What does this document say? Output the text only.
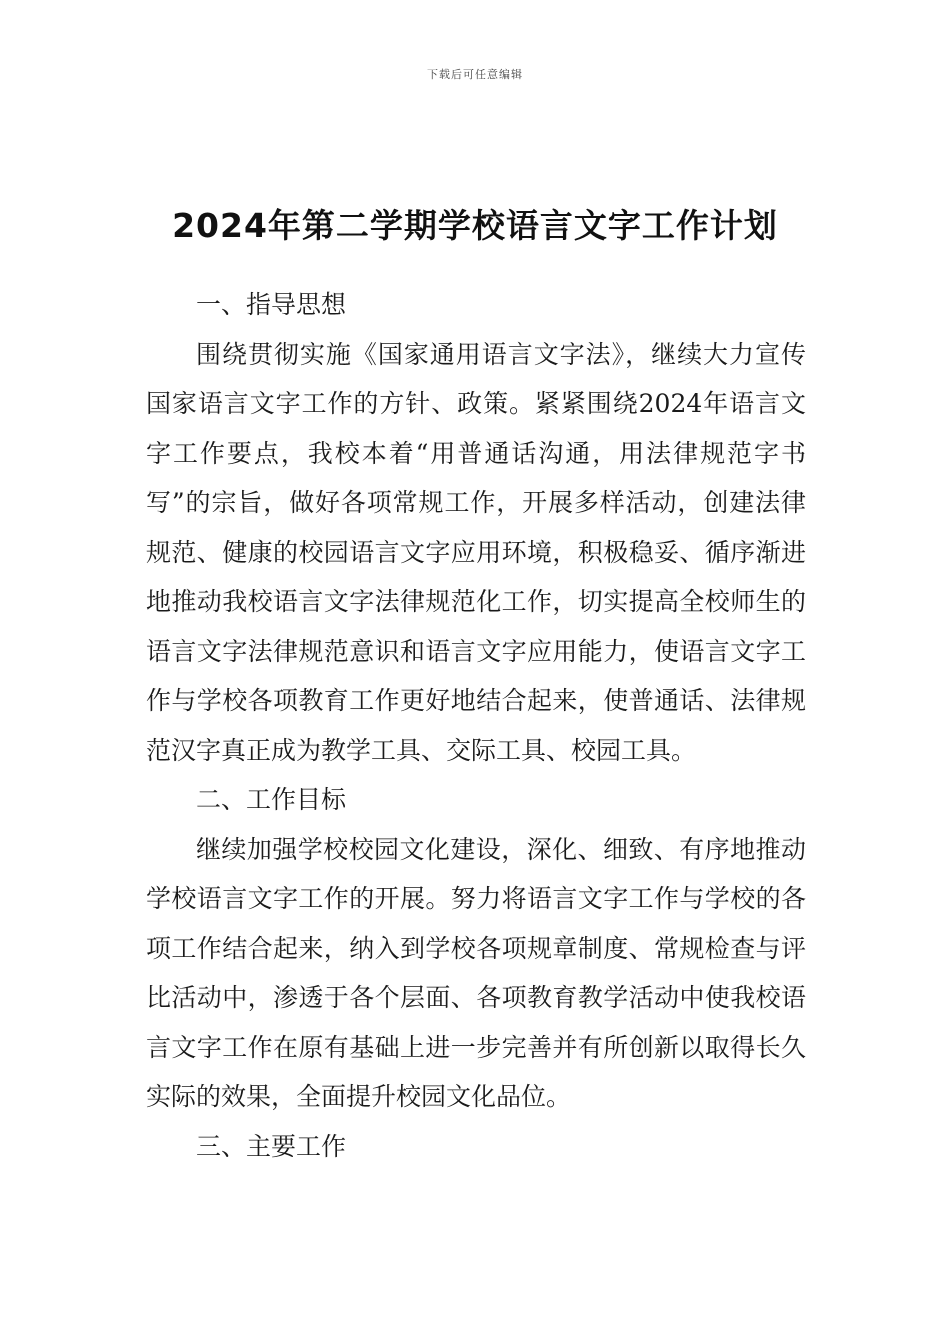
下载后可任意编辑
2024年第二学期学校语言文字工作计划

一、指导思想

围绕贯彻实施《国家通用语言文字法》，继续大力宣传国家语言文字工作的方针、政策。紧紧围绕2024年语言文字工作要点，我校本着“用普通话沟通，用法律规范字书写”的宗旨，做好各项常规工作，开展多样活动，创建法律规范、健康的校园语言文字应用环境，积极稳妥、循序渐进地推动我校语言文字法律规范化工作，切实提高全校师生的语言文字法律规范意识和语言文字应用能力，使语言文字工作与学校各项教育工作更好地结合起来，使普通话、法律规范汉字真正成为教学工具、交际工具、校园工具。

二、工作目标

继续加强学校校园文化建设，深化、细致、有序地推动学校语言文字工作的开展。努力将语言文字工作与学校的各项工作结合起来，纳入到学校各项规章制度、常规检查与评比活动中，渗透于各个层面、各项教育教学活动中使我校语言文字工作在原有基础上进一步完善并有所创新以取得长久实际的效果，全面提升校园文化品位。

三、主要工作
